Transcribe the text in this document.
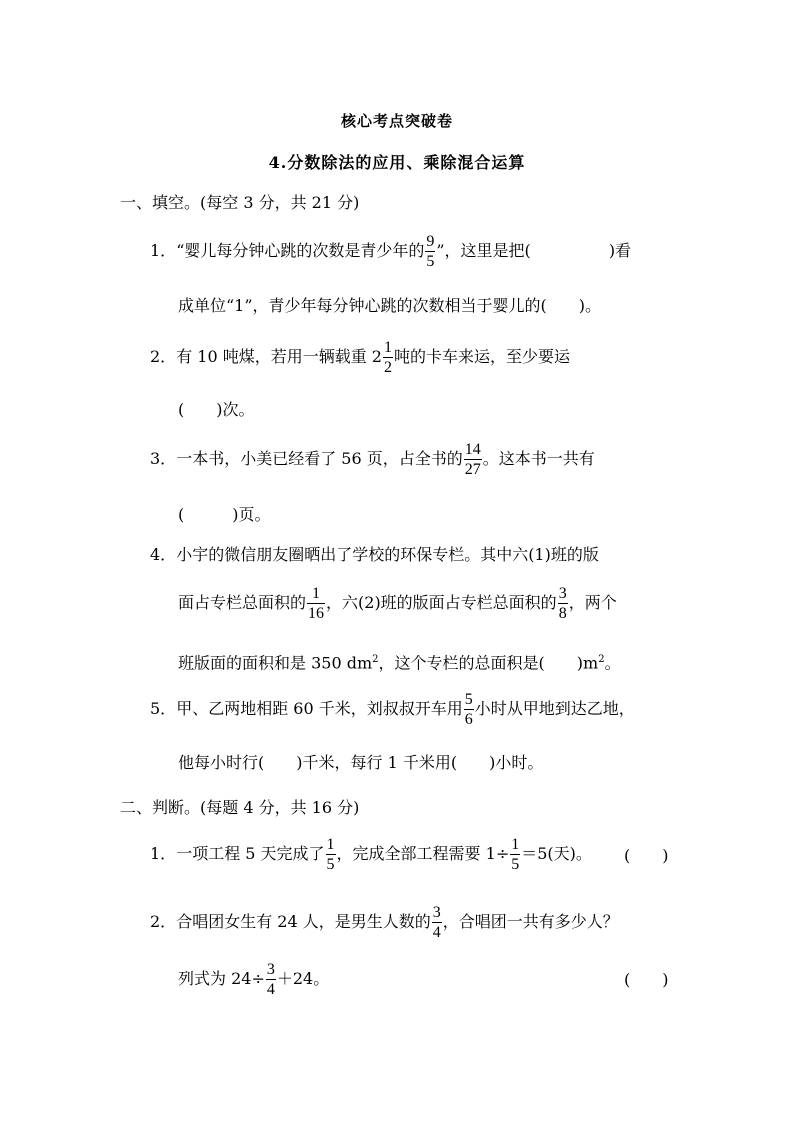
核心考点突破卷
4.分数除法的应用、乘除混合运算
一、填空。(每空 3 分，共 21 分)
1．“婴儿每分钟心跳的次数是青少年的 $\frac{9}{5}$ ”，这里是把(	)看
成单位“1”，青少年每分钟心跳的次数相当于婴儿的(　　)。
2．有 10 吨煤，若用一辆载重 $2 \frac{1}{2}$ 吨的卡车来运，至少要运
(　　)次。
3．一本书，小美已经看了 56 页，占全书的 $\frac{14}{27}$ 。这本书一共有
(　　　)页。
4．小宇的微信朋友圈晒出了学校的环保专栏。其中六(1)班的版
面占专栏总面积的 $\frac{1}{16}$ ，六(2)班的版面占专栏总面积的 $\frac{3}{8}$ ，两个
班版面的面积和是 350 $dm^2$，这个专栏的总面积是(　　)$m^2$。
5．甲、乙两地相距 60 千米，刘叔叔开车用 $\frac{5}{6}$ 小时从甲地到达乙地，
他每小时行(　　)千米，每行 1 千米用(　　)小时。
二、判断。(每题 4 分，共 16 分)
1．一项工程 5 天完成了 $\frac{1}{5}$ ，完成全部工程需要 $1\div \frac{1}{5} =5$(天)。 (　　)
2．合唱团女生有 24 人，是男生人数的 $\frac{3}{4}$ ，合唱团一共有多少人？
列式为 $24\div \frac{3}{4} +24$。	(　　)
